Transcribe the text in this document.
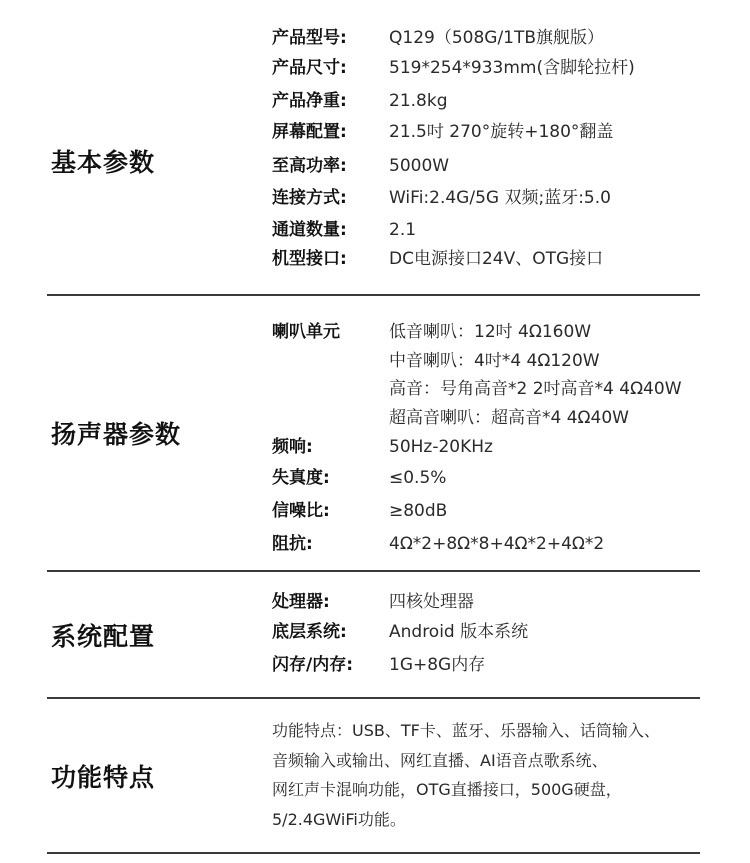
基本参数
产品型号: Q129（508G/1TB旗舰版）
产品尺寸: 519*254*933mm(含脚轮拉杆)
产品净重: 21.8kg
屏幕配置: 21.5吋 270°旋转+180°翻盖
至高功率: 5000W
连接方式: WiFi:2.4G/5G 双频;蓝牙:5.0
通道数量: 2.1
机型接口: DC电源接口24V、OTG接口
扬声器参数
喇叭单元	低音喇叭：12吋 4Ω160W
中音喇叭：4吋*4 4Ω120W
高音：号角高音*2 2吋高音*4 4Ω40W
超高音喇叭：超高音*4 4Ω40W
频响:	50Hz-20KHz
失真度:	≤0.5%
信噪比:	≥80dB
阻抗:	4Ω*2+8Ω*8+4Ω*2+4Ω*2
系统配置
处理器:	四核处理器
底层系统: Android 版本系统
闪存/内存: 1G+8G内存
功能特点
功能特点：USB、TF卡、蓝牙、乐器输入、话筒输入、
音频输入或输出、网红直播、AI语音点歌系统、
网红声卡混响功能，OTG直播接口，500G硬盘，
5/2.4GWiFi功能。
